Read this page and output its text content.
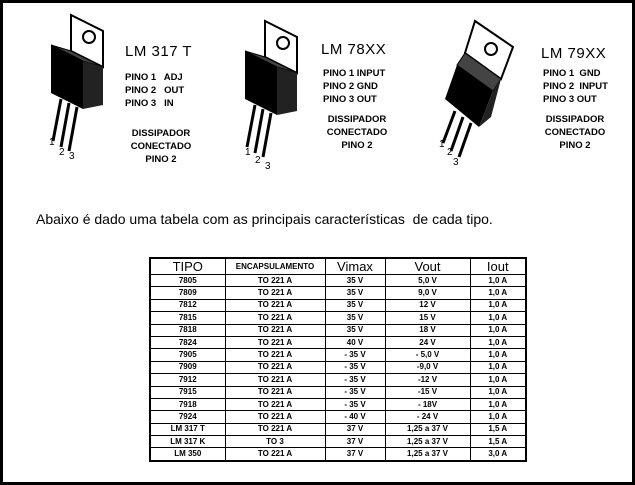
1
2 3
LM 317 T
PINO 1   ADJ
PINO 2   OUT
PINO 3   IN
DISSIPADOR
CONECTADO
PINO 2
1
2
3
LM 78XX
PINO 1 INPUT
PINO 2 GND
PINO 3 OUT
DISSIPADOR
CONECTADO
PINO 2	1
2
3
LM 79XX
PINO 1  GND
PINO 2  INPUT
PINO 3 OUT
DISSIPADOR
CONECTADO
PINO 2
Abaixo é dado uma tabela com as principais características  de cada tipo.
TIPO	ENCAPSULAMENTO	Vimax	Vout	Iout
7805	TO 221 A	35 V	5,0 V	1,0 A
7809	TO 221 A	35 V	9,0 V	1,0 A
7812	TO 221 A	35 V	12 V	1,0 A
7815	TO 221 A	35 V	15 V	1,0 A
7818	TO 221 A	35 V	18 V	1,0 A
7824	TO 221 A	40 V	24 V	1,0 A
7905	TO 221 A	- 35 V	- 5,0 V	1,0 A
7909	TO 221 A	- 35 V	-9,0 V	1,0 A
7912	TO 221 A	- 35 V	-12 V	1,0 A
7915	TO 221 A	- 35 V	-15 V	1,0 A
7918	TO 221 A	- 35 V	- 18V	1,0 A
7924	TO 221 A	- 40 V	- 24 V	1,0 A
LM 317 T	TO 221 A	37 V	1,25 a 37 V	1,5 A
LM 317 K	TO 3	37 V	1,25 a 37 V	1,5 A
LM 350	TO 221 A	37 V	1,25 a 37 V	3,0 A
